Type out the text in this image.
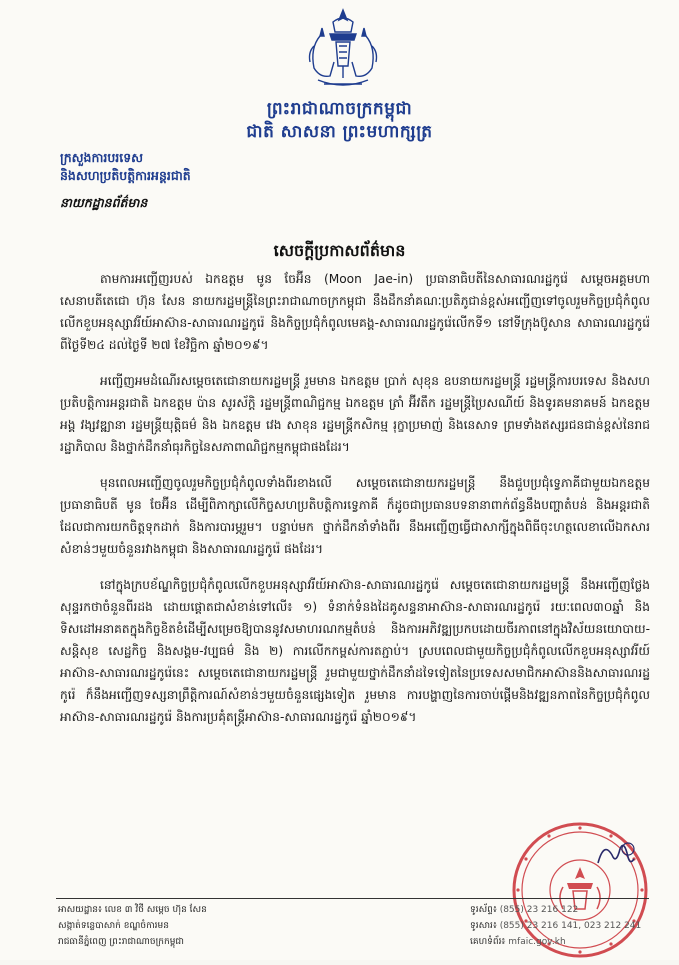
ព្រះរាជាណាចក្រកម្ពុជា
ជាតិ សាសនា ព្រះមហាក្សត្រ
ក្រសួងការបរទេស
និងសហប្រតិបត្តិការអន្តរជាតិ
នាយកដ្ឋានព័ត៌មាន
សេចក្តីប្រកាសព័ត៌មាន

តាមការអញ្ជើញរបស់ ឯកឧត្តម មូន ចែអ៊ីន (Moon Jae-in) ប្រធានាធិបតីនៃសាធារណរដ្ឋកូរ៉េ សម្តេចអគ្គមហាសេនាបតីតេជោ ហ៊ុន សែន នាយករដ្ឋមន្ត្រីនៃព្រះរាជាណាចក្រកម្ពុជា នឹងដឹកនាំគណៈប្រតិភូជាន់ខ្ពស់អញ្ជើញទៅចូលរួមកិច្ចប្រជុំកំពូលលើកខួបអនុស្សាវរីយ៍អាស៊ាន-សាធារណរដ្ឋកូរ៉េ និងកិច្ចប្រជុំកំពូលមេគង្គ-សាធារណរដ្ឋកូរ៉េលើកទី១ នៅទីក្រុងប៊ូសាន សាធារណរដ្ឋកូរ៉េ ពីថ្ងៃទី២៤ ដល់ថ្ងៃទី ២៧ ខែវិច្ឆិកា ឆ្នាំ២០១៩។

អញ្ជើញអមដំណើរសម្តេចតេជោនាយករដ្ឋមន្ត្រី រួមមាន ឯកឧត្តម ប្រាក់ សុខុន ឧបនាយករដ្ឋមន្ត្រី រដ្ឋមន្ត្រីការបរទេស និងសហប្រតិបត្តិការអន្តរជាតិ ឯកឧត្តម ប៉ាន សូរស័ក្តិ រដ្ឋមន្ត្រីពាណិជ្ជកម្ម ឯកឧត្តម ត្រាំ អ៊ីវតឹក រដ្ឋមន្ត្រីប្រៃសណីយ៍ និងទូរគមនាគមន៍ ឯកឧត្តម អង្គ វង្សវឌ្ឍានា រដ្ឋមន្ត្រីយុត្តិធម៌ និង ឯកឧត្តម វេង សាខុន រដ្ឋមន្ត្រីកសិកម្ម រុក្ខាប្រមាញ់ និងនេសាទ ព្រមទាំងឥស្សរជនជាន់ខ្ពស់នៃរាជរដ្ឋាភិបាល និងថ្នាក់ដឹកនាំធុរកិច្ចនៃសភាពាណិជ្ជកម្មកម្ពុជាផងដែរ។

មុនពេលអញ្ជើញចូលរួមកិច្ចប្រជុំកំពូលទាំងពីរខាងលើ សម្តេចតេជោនាយករដ្ឋមន្ត្រី នឹងជួបប្រជុំទ្វេភាគីជាមួយឯកឧត្តមប្រធានាធិបតី មូន ចែអ៊ីន ដើម្បីពិភាក្សាលើកិច្ចសហប្រតិបត្តិការទ្វេភាគី ក៏ដូចជាប្រធានបទនានាពាក់ព័ន្ធនឹងបញ្ហាតំបន់ និងអន្តរជាតិ ដែលជាការយកចិត្តទុកដាក់ និងការបារម្ភរួម។ បន្ទាប់មក ថ្នាក់ដឹកនាំទាំងពីរ នឹងអញ្ជើញធ្វើជាសាក្សីក្នុងពិធីចុះហត្ថលេខាលើឯកសារសំខាន់ៗមួយចំនួនរវាងកម្ពុជា និងសាធារណរដ្ឋកូរ៉េ ផងដែរ។

នៅក្នុងក្របខ័ណ្ឌកិច្ចប្រជុំកំពូលលើកខួបអនុស្សាវរីយ៍អាស៊ាន-សាធារណរដ្ឋកូរ៉េ សម្តេចតេជោនាយករដ្ឋមន្ត្រី នឹងអញ្ជើញថ្លែងសុន្ទរកថាចំនួនពីរដង ដោយផ្តោតជាសំខាន់ទៅលើ៖ ១) ទំនាក់ទំនងដៃគូសន្ទនាអាស៊ាន-សាធារណរដ្ឋកូរ៉េ រយៈពេល៣០ឆ្នាំ និងទិសដៅអនាគតក្នុងកិច្ចខិតខំដើម្បីសម្រេចឱ្យបាននូវសមាហរណកម្មតំបន់ និងការអភិវឌ្ឍប្រកបដោយចីរភាពនៅក្នុងវិស័យនយោបាយ-សន្តិសុខ សេដ្ឋកិច្ច និងសង្គម-វប្បធម៌ និង ២) ការលើកកម្ពស់ការតភ្ជាប់។ ស្របពេលជាមួយកិច្ចប្រជុំកំពូលលើកខួបអនុស្សាវរីយ៍អាស៊ាន-សាធារណរដ្ឋកូរ៉េនេះ សម្តេចតេជោនាយករដ្ឋមន្ត្រី រួមជាមួយថ្នាក់ដឹកនាំដទៃទៀតនៃប្រទេសសមាជិកអាស៊ាននិងសាធារណរដ្ឋកូរ៉េ ក៏នឹងអញ្ជើញទស្សនាព្រឹត្តិការណ៍សំខាន់ៗមួយចំនួនផ្សេងទៀត រួមមាន ការបង្ហាញនៃការចាប់ផ្តើមនិងវឌ្ឍនភាពនៃកិច្ចប្រជុំកំពូលអាស៊ាន-សាធារណរដ្ឋកូរ៉េ និងការប្រគុំតន្ត្រីអាស៊ាន-សាធារណរដ្ឋកូរ៉េ ឆ្នាំ២០១៩។

អាសយដ្ឋាន៖ លេខ ៣ វិថី សម្តេច ហ៊ុន សែន
សង្កាត់ទន្លេបាសាក់ ខណ្ឌចំការមន
រាជធានីភ្នំពេញ ព្រះរាជាណាចក្រកម្ពុជា
ទូរស័ព្ទ៖ (855) 23 216 122
ទូរសារ៖ (855) 23 216 141, 023 212 241
គេហទំព័រ៖ mfaic.gov.kh
